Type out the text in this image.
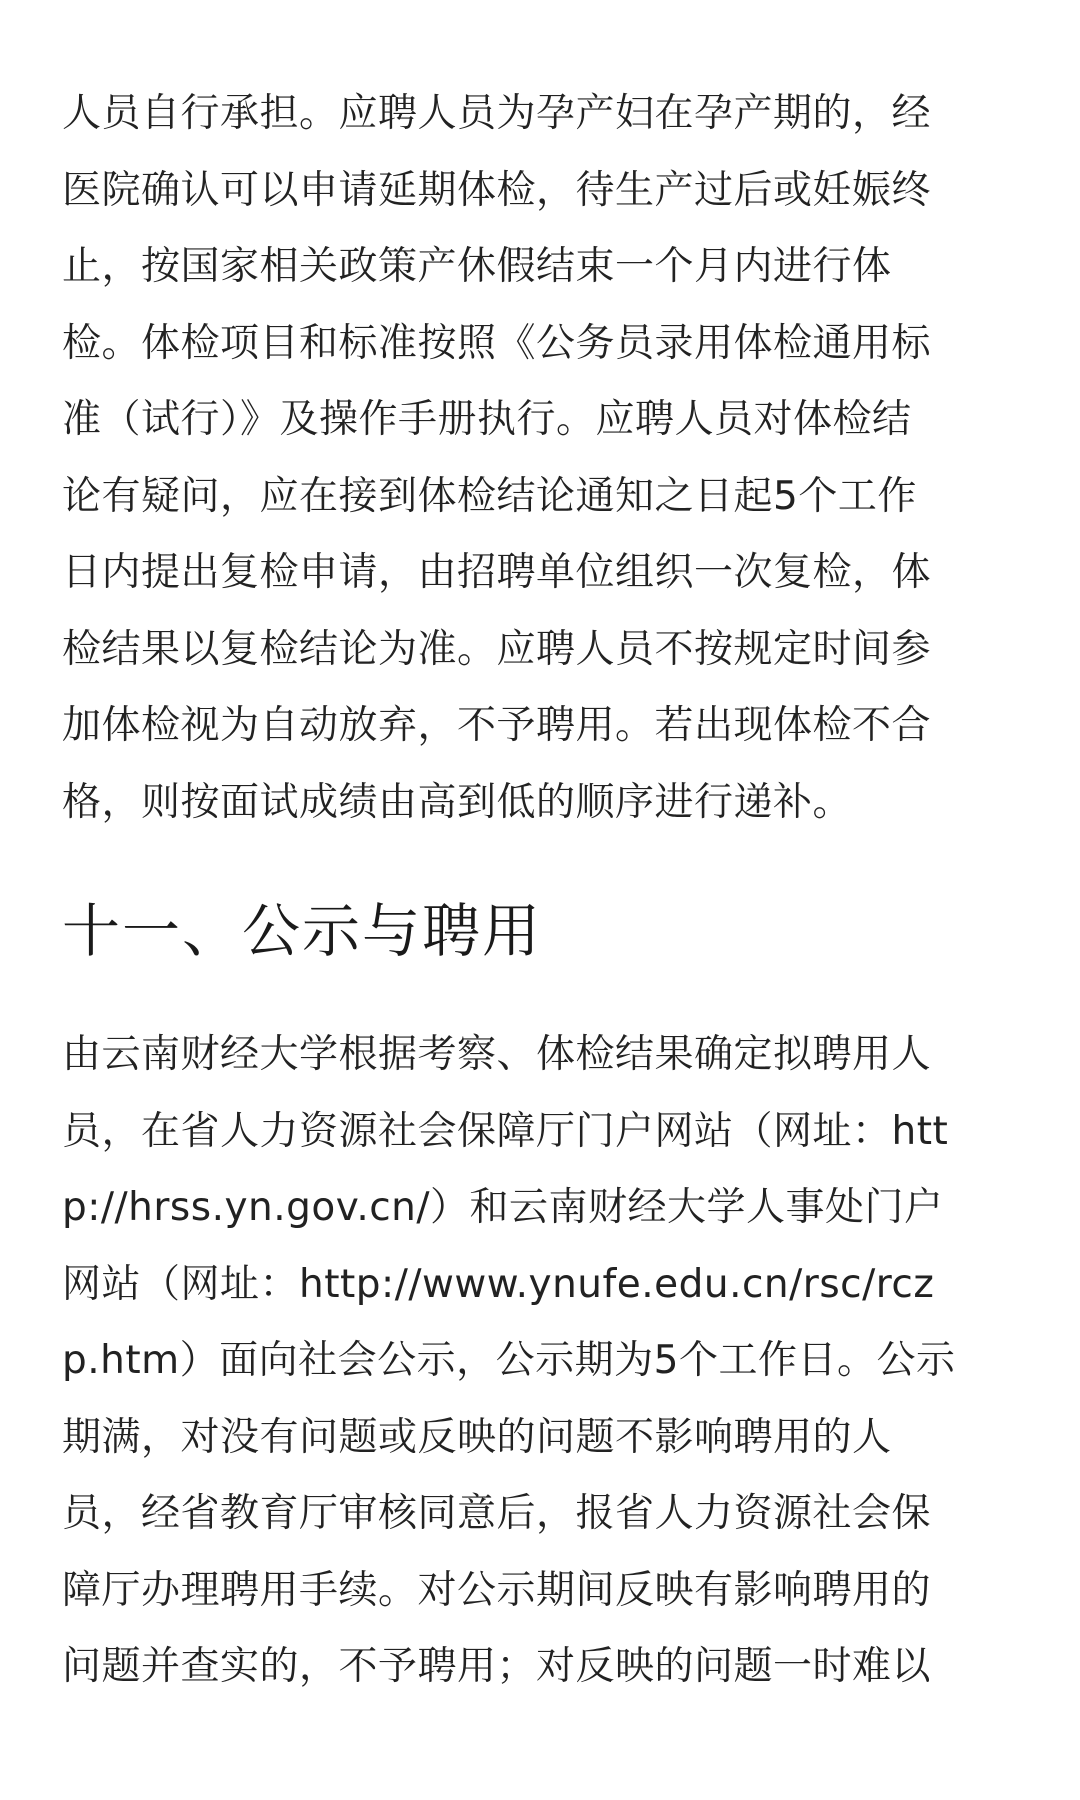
人员自行承担。应聘人员为孕产妇在孕产期的，经
医院确认可以申请延期体检，待生产过后或妊娠终
止，按国家相关政策产休假结束一个月内进行体
检。体检项目和标准按照《公务员录用体检通用标
准（试行）》及操作手册执行。应聘人员对体检结
论有疑问，应在接到体检结论通知之日起5个工作
日内提出复检申请，由招聘单位组织一次复检，体
检结果以复检结论为准。应聘人员不按规定时间参
加体检视为自动放弃，不予聘用。若出现体检不合
格，则按面试成绩由高到低的顺序进行递补。

十一、公示与聘用

由云南财经大学根据考察、体检结果确定拟聘用人
员，在省人力资源社会保障厅门户网站（网址：htt
p://hrss.yn.gov.cn/）和云南财经大学人事处门户
网站（网址：http://www.ynufe.edu.cn/rsc/rcz
p.htm）面向社会公示，公示期为5个工作日。公示
期满，对没有问题或反映的问题不影响聘用的人
员，经省教育厅审核同意后，报省人力资源社会保
障厅办理聘用手续。对公示期间反映有影响聘用的
问题并查实的，不予聘用；对反映的问题一时难以
